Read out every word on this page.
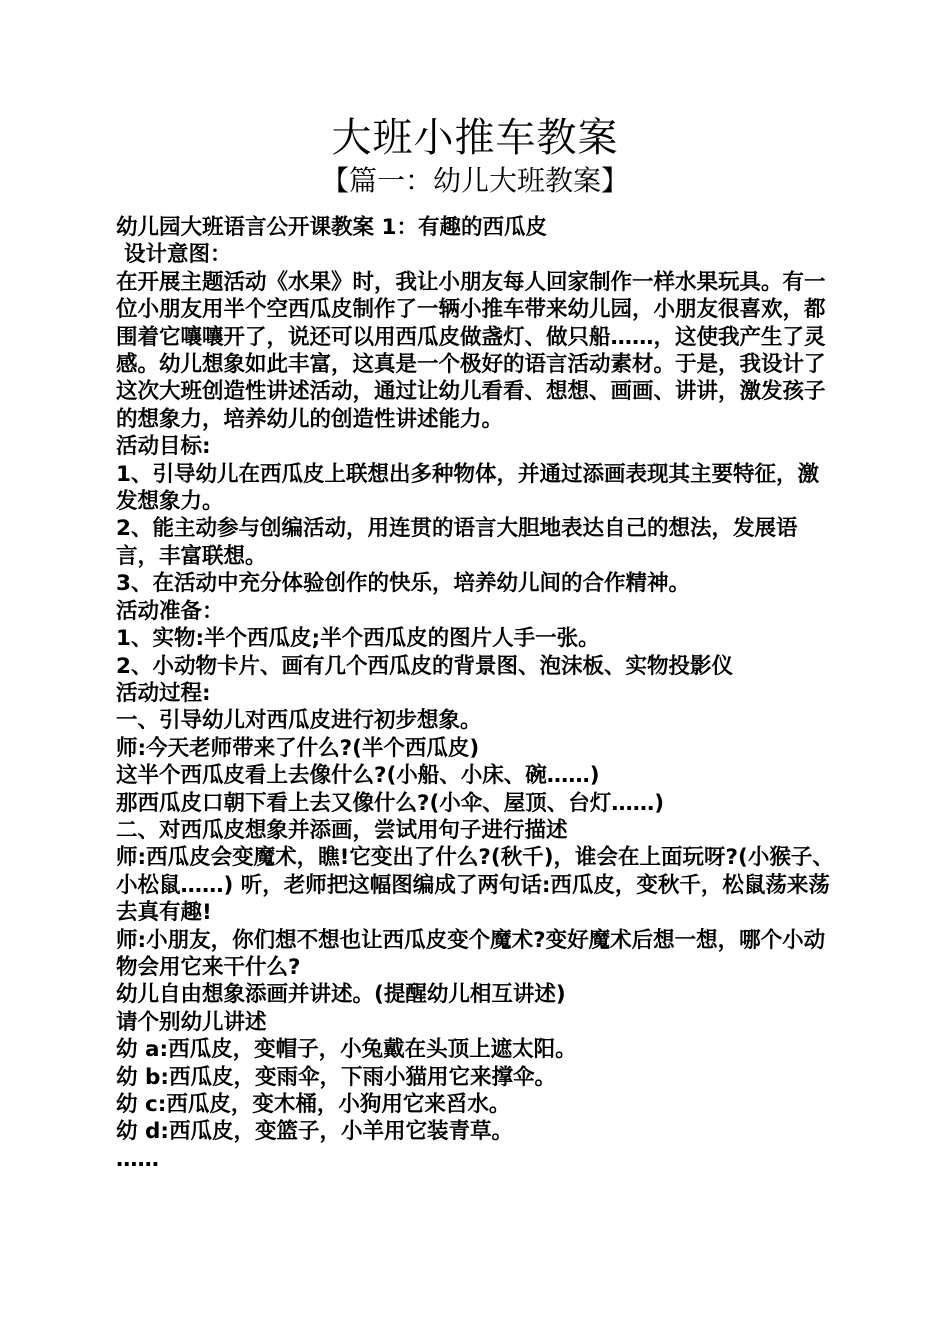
大班小推车教案
【篇一：幼儿大班教案】
幼儿园大班语言公开课教案 1：有趣的西瓜皮
设计意图：
在开展主题活动《水果》时，我让小朋友每人回家制作一样水果玩具。有一位小朋友用半个空西瓜皮制作了一辆小推车带来幼儿园，小朋友很喜欢，都围着它嚷嚷开了，说还可以用西瓜皮做盏灯、做只船……，这使我产生了灵感。幼儿想象如此丰富，这真是一个极好的语言活动素材。于是，我设计了这次大班创造性讲述活动，通过让幼儿看看、想想、画画、讲讲，激发孩子的想象力，培养幼儿的创造性讲述能力。
活动目标:
1、引导幼儿在西瓜皮上联想出多种物体，并通过添画表现其主要特征，激发想象力。
2、能主动参与创编活动，用连贯的语言大胆地表达自己的想法，发展语言，丰富联想。
3、在活动中充分体验创作的快乐，培养幼儿间的合作精神。
活动准备：
1、实物:半个西瓜皮;半个西瓜皮的图片人手一张。
2、小动物卡片、画有几个西瓜皮的背景图、泡沫板、实物投影仪
活动过程:
一、引导幼儿对西瓜皮进行初步想象。
师:今天老师带来了什么?(半个西瓜皮)
这半个西瓜皮看上去像什么?(小船、小床、碗……)
那西瓜皮口朝下看上去又像什么?(小伞、屋顶、台灯……)
二、对西瓜皮想象并添画，尝试用句子进行描述
师:西瓜皮会变魔术，瞧!它变出了什么?(秋千)，谁会在上面玩呀?(小猴子、小松鼠……) 听，老师把这幅图编成了两句话:西瓜皮，变秋千，松鼠荡来荡去真有趣!
师:小朋友，你们想不想也让西瓜皮变个魔术?变好魔术后想一想，哪个小动物会用它来干什么?
幼儿自由想象添画并讲述。(提醒幼儿相互讲述)
请个别幼儿讲述
幼 a:西瓜皮，变帽子，小兔戴在头顶上遮太阳。
幼 b:西瓜皮，变雨伞，下雨小猫用它来撑伞。
幼 c:西瓜皮，变木桶，小狗用它来舀水。
幼 d:西瓜皮，变篮子，小羊用它装青草。
……
